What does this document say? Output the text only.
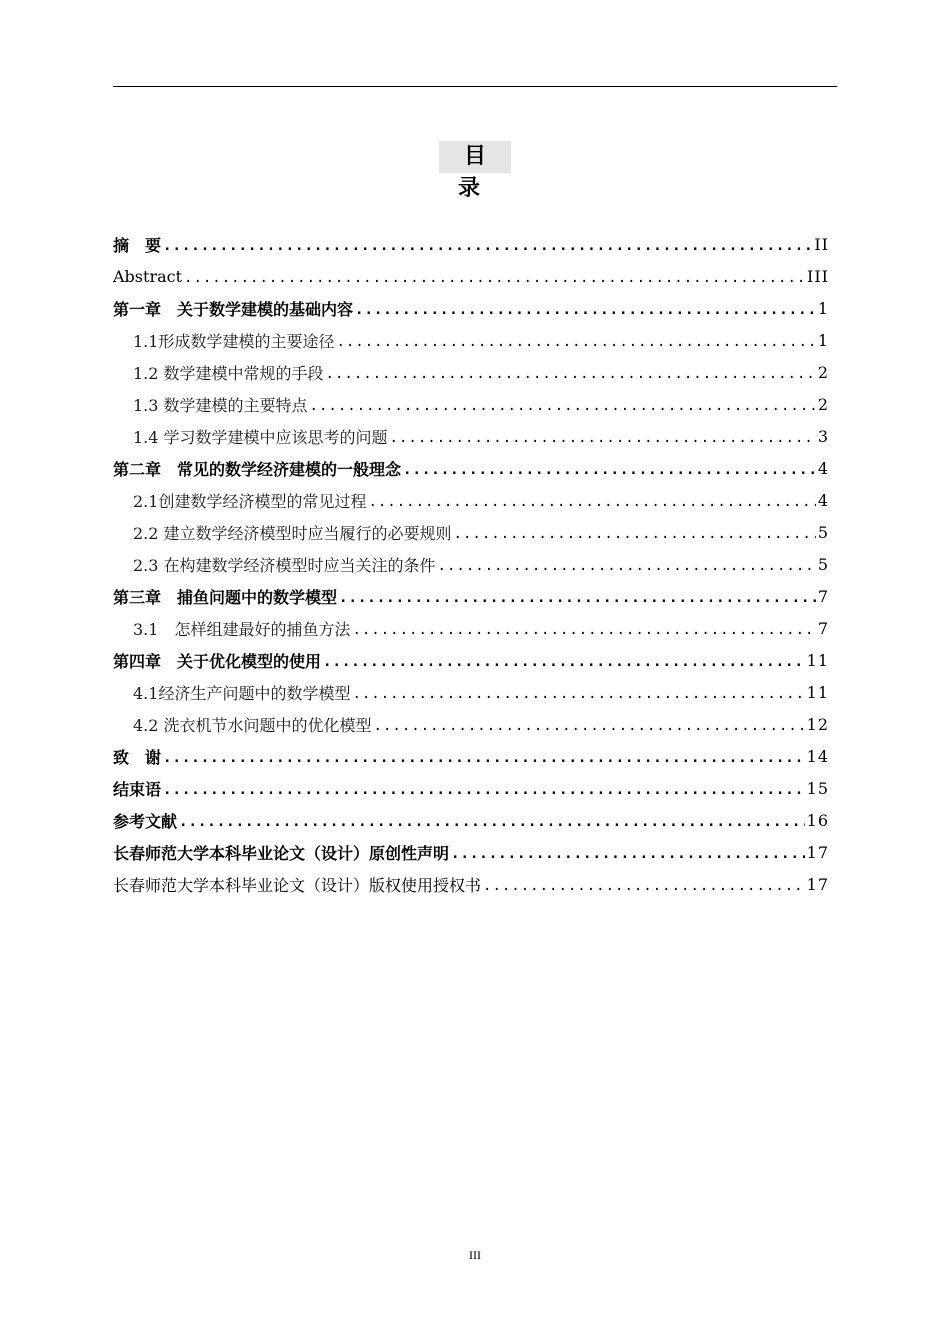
目 录
摘　要 .....	II
Abstract .....	III
第一章　关于数学建模的基础内容 .....	1
1.1形成数学建模的主要途径 .....	1
1.2 数学建模中常规的手段 .....	2
1.3 数学建模的主要特点 .....	2
1.4 学习数学建模中应该思考的问题 .....	3
第二章　常见的数学经济建模的一般理念 .....	4
2.1创建数学经济模型的常见过程 .....	4
2.2 建立数学经济模型时应当履行的必要规则 .....	5
2.3 在构建数学经济模型时应当关注的条件 .....	5
第三章　捕鱼问题中的数学模型 .....	7
3.1　怎样组建最好的捕鱼方法 .....	7
第四章　关于优化模型的使用 .....	11
4.1经济生产问题中的数学模型 .....	11
4.2 洗衣机节水问题中的优化模型 .....	12
致　谢 .....	14
结束语 .....	15
参考文献 .....	16
长春师范大学本科毕业论文（设计）原创性声明 .....	17
长春师范大学本科毕业论文（设计）版权使用授权书 .....	17
III
